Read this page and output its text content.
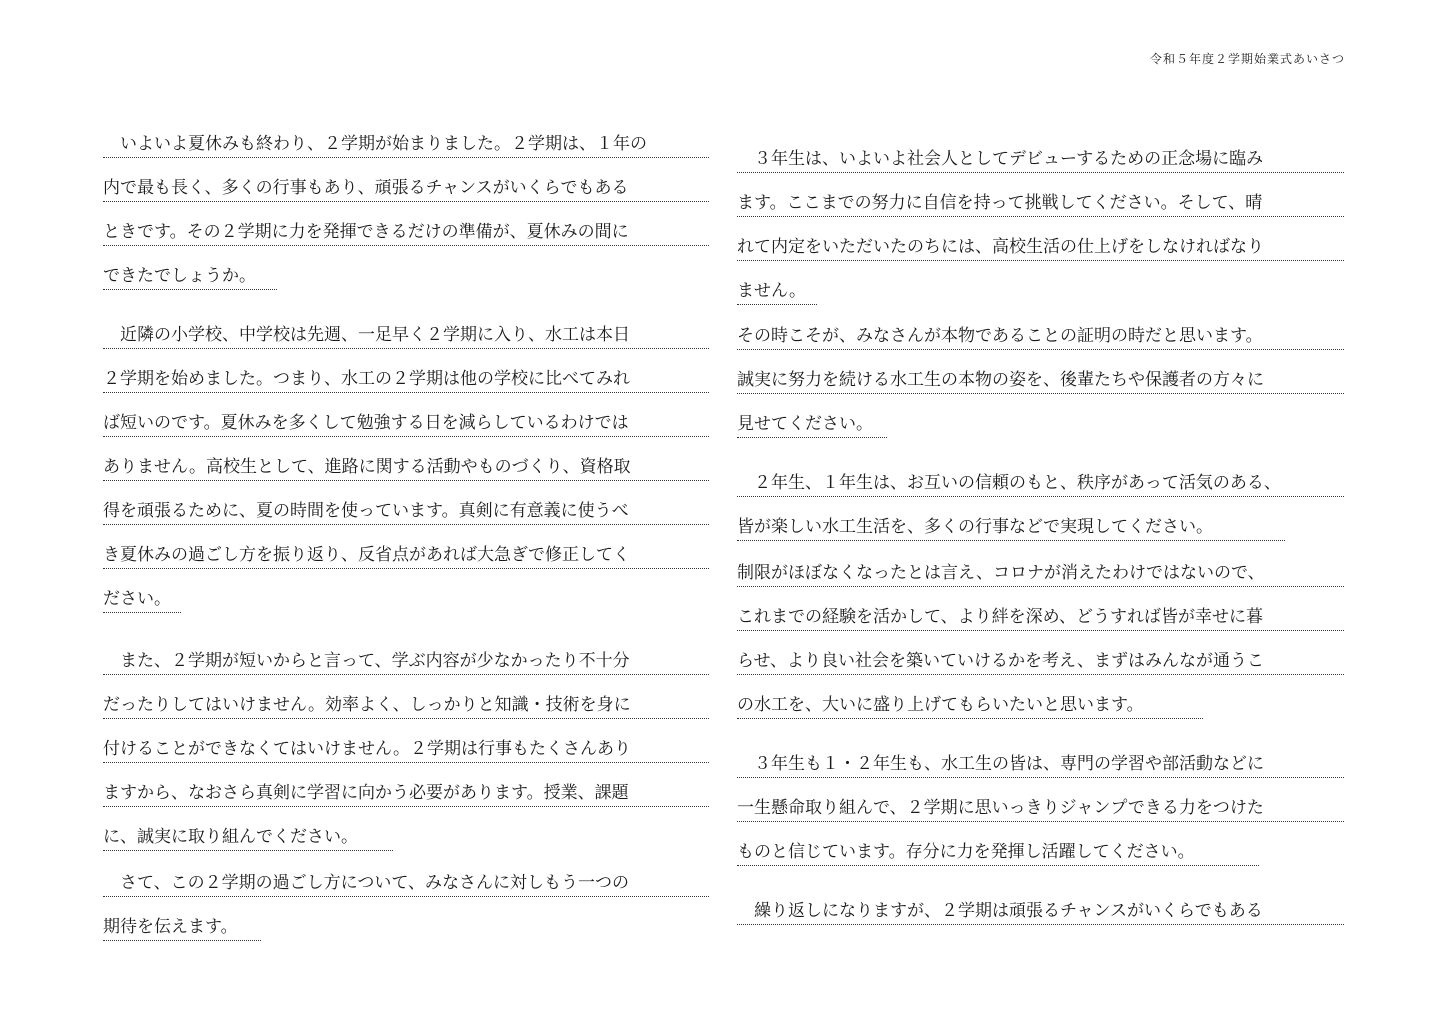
令和５年度２学期始業式あいさつ
　いよいよ夏休みも終わり、２学期が始まりました。２学期は、１年の
内で最も長く、多くの行事もあり、頑張るチャンスがいくらでもある
ときです。その２学期に力を発揮できるだけの準備が、夏休みの間に
できたでしょうか。
　近隣の小学校、中学校は先週、一足早く２学期に入り、水工は本日
２学期を始めました。つまり、水工の２学期は他の学校に比べてみれ
ば短いのです。夏休みを多くして勉強する日を減らしているわけでは
ありません。高校生として、進路に関する活動やものづくり、資格取
得を頑張るために、夏の時間を使っています。真剣に有意義に使うべ
き夏休みの過ごし方を振り返り、反省点があれば大急ぎで修正してく
ださい。
　また、２学期が短いからと言って、学ぶ内容が少なかったり不十分
だったりしてはいけません。効率よく、しっかりと知識・技術を身に
付けることができなくてはいけません。２学期は行事もたくさんあり
ますから、なおさら真剣に学習に向かう必要があります。授業、課題
に、誠実に取り組んでください。
　さて、この２学期の過ごし方について、みなさんに対しもう一つの
期待を伝えます。
　３年生は、いよいよ社会人としてデビューするための正念場に臨み
ます。ここまでの努力に自信を持って挑戦してください。そして、晴
れて内定をいただいたのちには、高校生活の仕上げをしなければなり
ません。
その時こそが、みなさんが本物であることの証明の時だと思います。
誠実に努力を続ける水工生の本物の姿を、後輩たちや保護者の方々に
見せてください。
　２年生、１年生は、お互いの信頼のもと、秩序があって活気のある、
皆が楽しい水工生活を、多くの行事などで実現してください。
制限がほぼなくなったとは言え、コロナが消えたわけではないので、
これまでの経験を活かして、より絆を深め、どうすれば皆が幸せに暮
らせ、より良い社会を築いていけるかを考え、まずはみんなが通うこ
の水工を、大いに盛り上げてもらいたいと思います。
　３年生も１・２年生も、水工生の皆は、専門の学習や部活動などに
一生懸命取り組んで、２学期に思いっきりジャンプできる力をつけた
ものと信じています。存分に力を発揮し活躍してください。
　繰り返しになりますが、２学期は頑張るチャンスがいくらでもある
